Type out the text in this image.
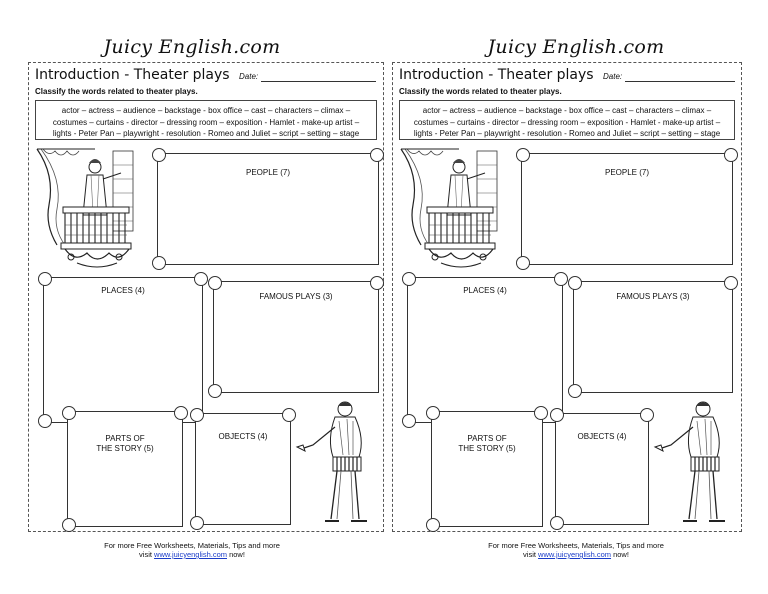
Juicy English.com
Introduction - Theater plays Date:
Classify the words related to theater plays.
actor – actress – audience – backstage - box office – cast – characters – climax –
costumes – curtains - director – dressing room – exposition - Hamlet - make-up artist –
lights - Peter Pan – playwright - resolution - Romeo and Juliet – script – setting – stage
PEOPLE (7)
PLACES (4)
FAMOUS PLAYS (3)
PARTS OF
THE STORY (5)
OBJECTS (4)
For more Free Worksheets, Materials, Tips and more
visit www.juicyenglish.com now!
Juicy English.com
Introduction - Theater plays Date:
Classify the words related to theater plays.
actor – actress – audience – backstage - box office – cast – characters – climax –
costumes – curtains - director – dressing room – exposition - Hamlet - make-up artist –
lights - Peter Pan – playwright - resolution - Romeo and Juliet – script – setting – stage
PEOPLE (7)
PLACES (4)
FAMOUS PLAYS (3)
PARTS OF
THE STORY (5)
OBJECTS (4)
For more Free Worksheets, Materials, Tips and more
visit www.juicyenglish.com now!
